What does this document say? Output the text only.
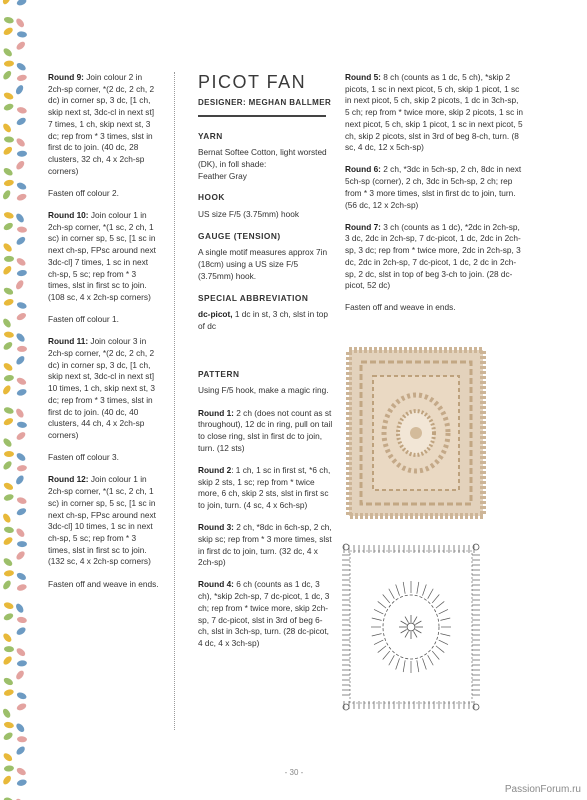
Round 9: Join colour 2 in 2ch-sp corner, *(2 dc, 2 ch, 2 dc) in corner sp, 3 dc, [1 ch, skip next st, 3dc-cl in next st] 7 times, 1 ch, skip next st, 3 dc; rep from * 3 times, slst in first dc to join. (40 dc, 28 clusters, 32 ch, 4 x 2ch-sp corners)

Fasten off colour 2.

Round 10: Join colour 1 in 2ch-sp corner, *(1 sc, 2 ch, 1 sc) in corner sp, 5 sc, [1 sc in next ch-sp, FPsc around next 3dc-cl] 7 times, 1 sc in next ch-sp, 5 sc; rep from * 3 times, slst in first sc to join. (108 sc, 4 x 2ch-sp corners)

Fasten off colour 1.

Round 11: Join colour 3 in 2ch-sp corner, *(2 dc, 2 ch, 2 dc) in corner sp, 3 dc, [1 ch, skip next st, 3dc-cl in next st] 10 times, 1 ch, skip next st, 3 dc; rep from * 3 times, slst in first dc to join. (40 dc, 40 clusters, 44 ch, 4 x 2ch-sp corners)

Fasten off colour 3.

Round 12: Join colour 1 in 2ch-sp corner, *(1 sc, 2 ch, 1 sc) in corner sp, 5 sc, [1 sc in next ch-sp, FPsc around next 3dc-cl] 10 times, 1 sc in next ch-sp, 5 sc; rep from * 3 times, slst in first sc to join. (132 sc, 4 x 2ch-sp corners)

Fasten off and weave in ends.

PICOT FAN
DESIGNER: MEGHAN BALLMER
YARN
Bernat Softee Cotton, light worsted (DK), in foll shade:
Feather Gray
HOOK
US size F/5 (3.75mm) hook
GAUGE (TENSION)
A single motif measures approx 7in (18cm) using a US size F/5 (3.75mm) hook.
SPECIAL ABBREVIATION
dc-picot, 1 dc in st, 3 ch, slst in top of dc
PATTERN

Using F/5 hook, make a magic ring.

Round 1: 2 ch (does not count as st throughout), 12 dc in ring, pull on tail to close ring, slst in first dc to join, turn. (12 sts)

Round 2: 1 ch, 1 sc in first st, *6 ch, skip 2 sts, 1 sc; rep from * twice more, 6 ch, skip 2 sts, slst in first sc to join, turn. (4 sc, 4 x 6ch-sp)

Round 3: 2 ch, *8dc in 6ch-sp, 2 ch, skip sc; rep from * 3 more times, slst in first dc to join, turn. (32 dc, 4 x 2ch-sp)

Round 4: 6 ch (counts as 1 dc, 3 ch), *skip 2ch-sp, 7 dc-picot, 1 dc, 3 ch; rep from * twice more, skip 2ch-sp, 7 dc-picot, slst in 3rd of beg 6-ch, slst in 3ch-sp, turn. (28 dc-picot, 4 dc, 4 x 3ch-sp)

Round 5: 8 ch (counts as 1 dc, 5 ch), *skip 2 picots, 1 sc in next picot, 5 ch, skip 1 picot, 1 sc in next picot, 5 ch, skip 2 picots, 1 dc in 3ch-sp, 5 ch; rep from * twice more, skip 2 picots, 1 sc in next picot, 5 ch, skip 1 picot, 1 sc in next picot, 5 ch, skip 2 picots, slst in 3rd of beg 8-ch, turn. (8 sc, 4 dc, 12 x 5ch-sp)

Round 6: 2 ch, *3dc in 5ch-sp, 2 ch, 8dc in next 5ch-sp (corner), 2 ch, 3dc in 5ch-sp, 2 ch; rep from * 3 more times, slst in first dc to join, turn. (56 dc, 12 x 2ch-sp)

Round 7: 3 ch (counts as 1 dc), *2dc in 2ch-sp, 3 dc, 2dc in 2ch-sp, 7 dc-picot, 1 dc, 2dc in 2ch-sp, 3 dc; rep from * twice more, 2dc in 2ch-sp, 3 dc, 2dc in 2ch-sp, 7 dc-picot, 1 dc, 2 dc in 2ch-sp, 2 dc, slst in top of beg 3-ch to join. (28 dc-picot, 52 dc)

Fasten off and weave in ends.

- 30 -
PassionForum.ru
